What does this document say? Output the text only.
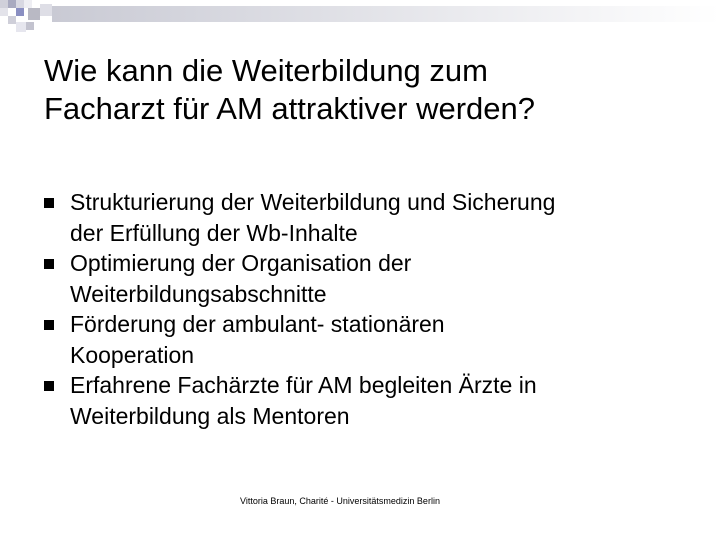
Wie kann die Weiterbildung zum
Facharzt für AM attraktiver werden?
Strukturierung der Weiterbildung und Sicherung
der Erfüllung der Wb-Inhalte
Optimierung der Organisation der
Weiterbildungsabschnitte
Förderung der ambulant- stationären
Kooperation
Erfahrene Fachärzte für AM begleiten Ärzte in
Weiterbildung als Mentoren
Vittoria Braun, Charité - Universitätsmedizin Berlin
